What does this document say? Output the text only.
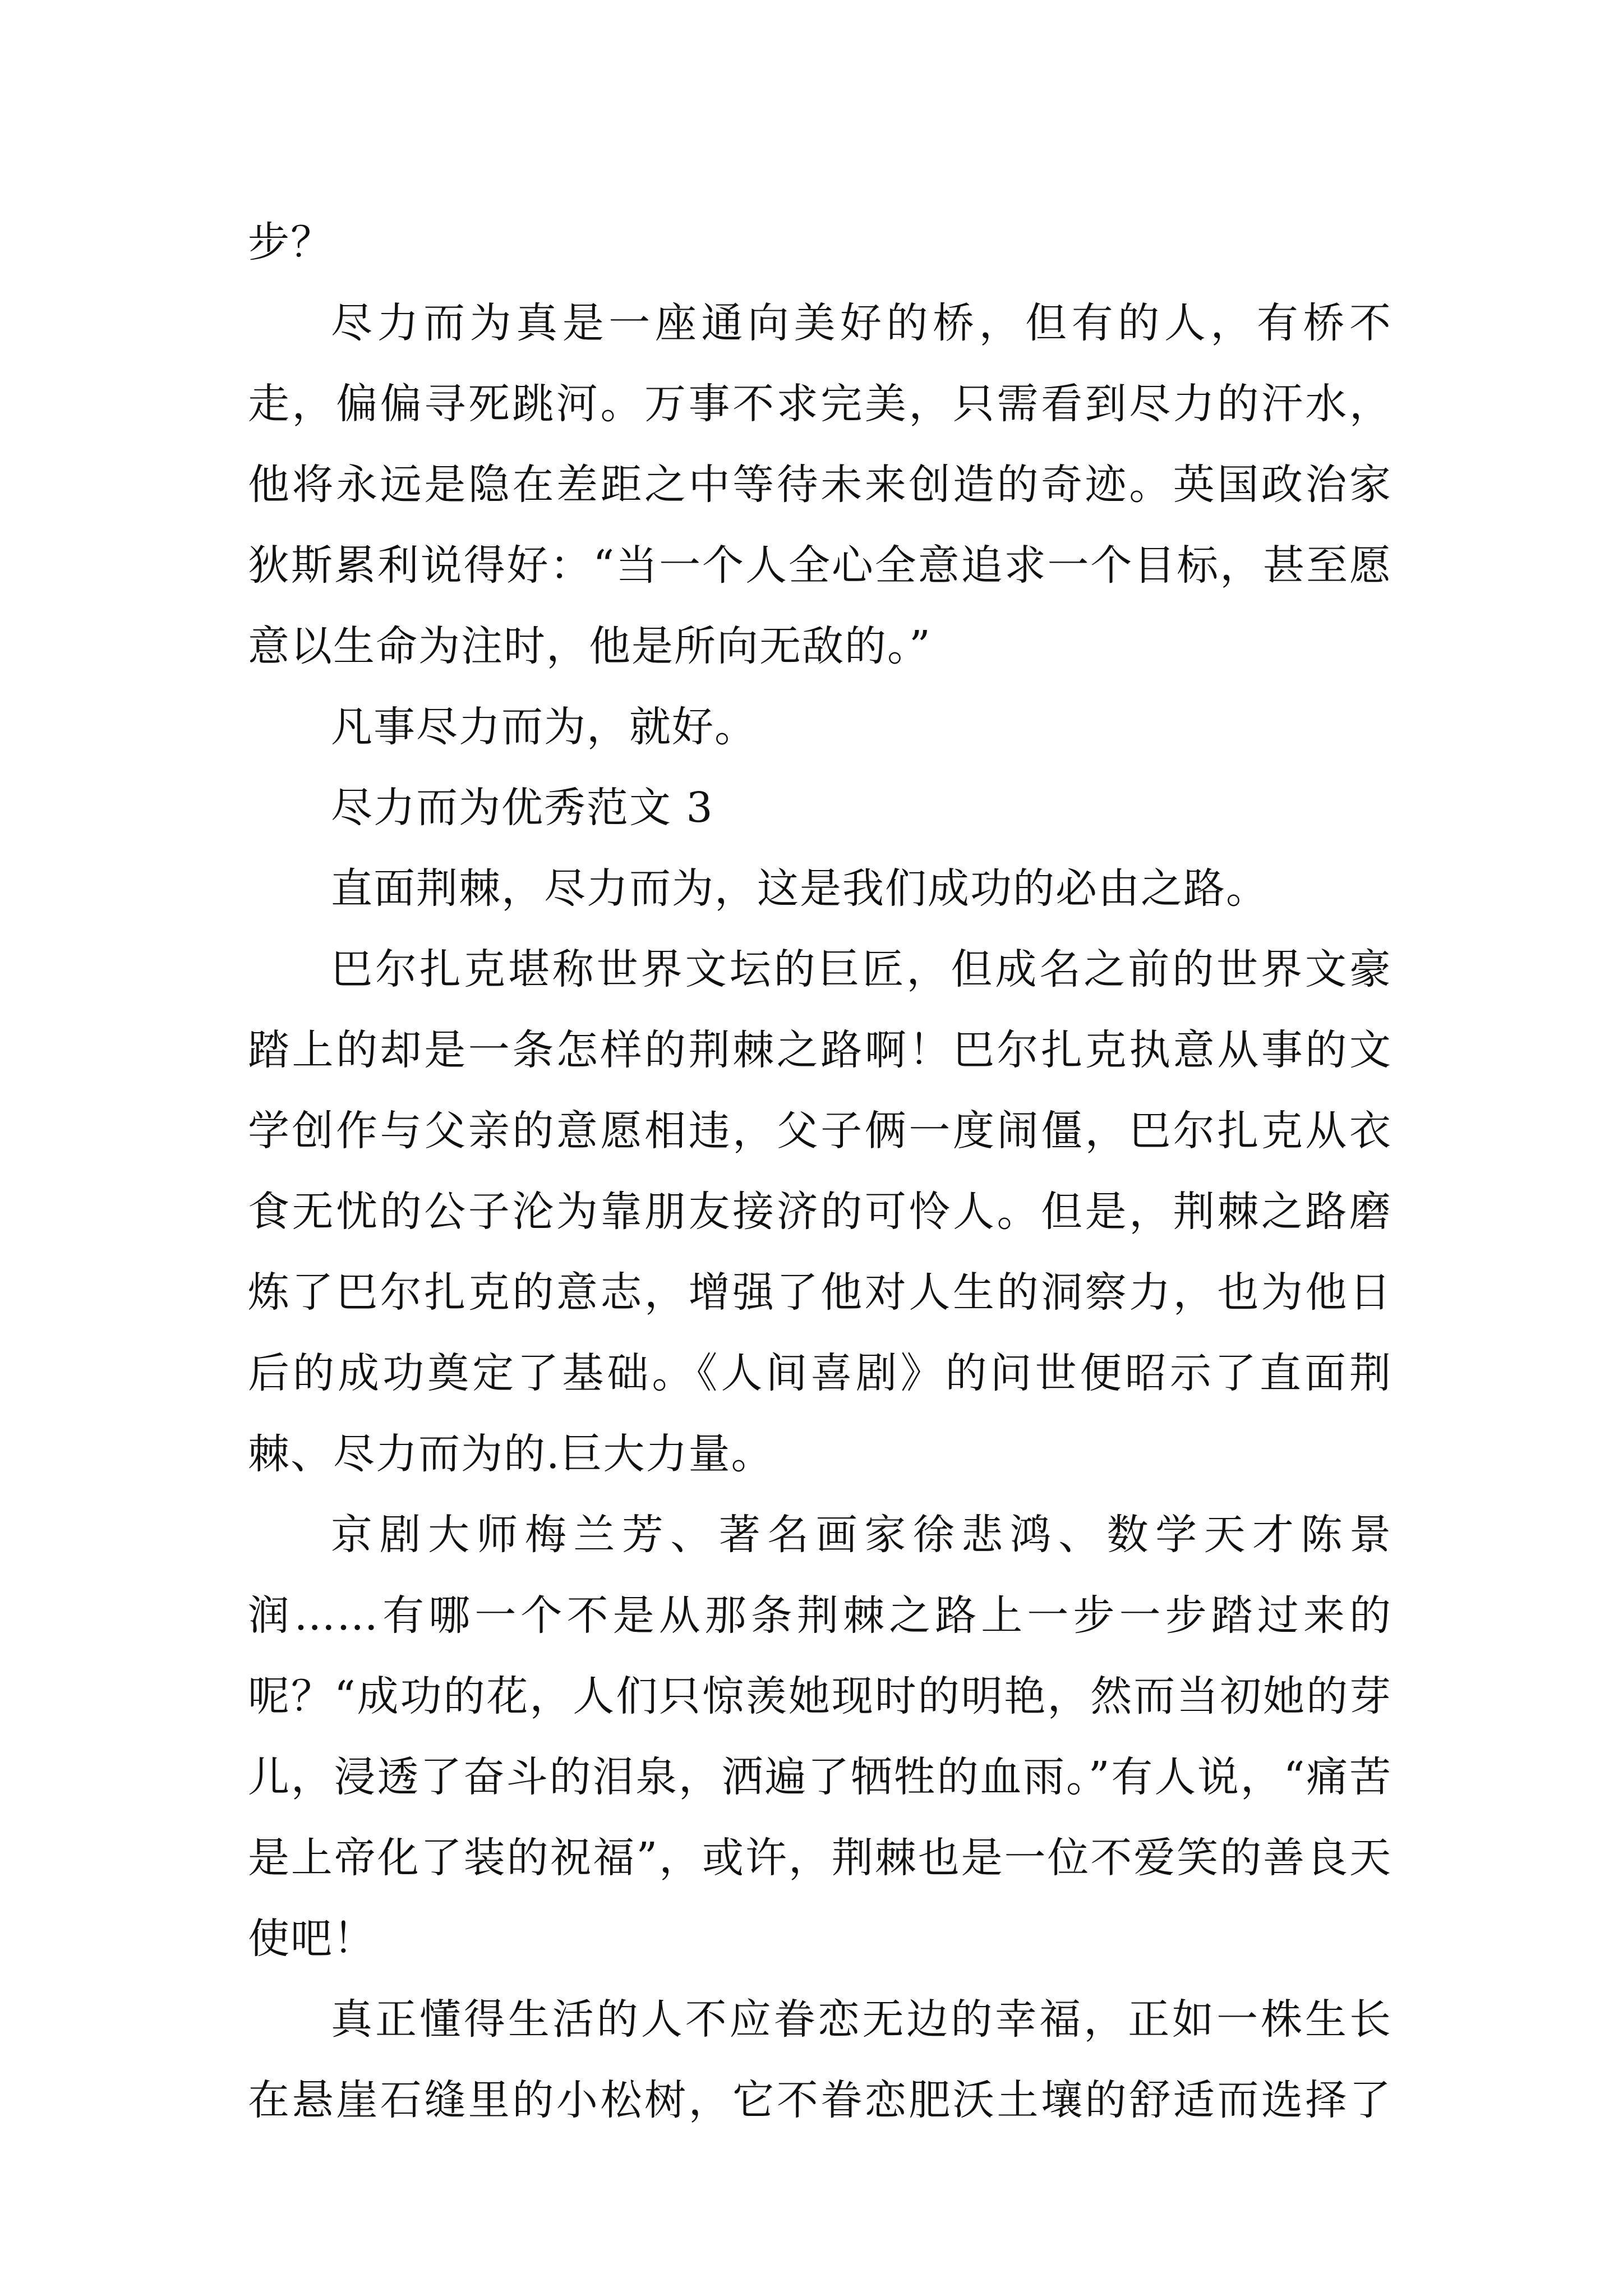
步？

尽力而为真是一座通向美好的桥，但有的人，有桥不走，偏偏寻死跳河。万事不求完美，只需看到尽力的汗水，他将永远是隐在差距之中等待未来创造的奇迹。英国政治家狄斯累利说得好：“当一个人全心全意追求一个目标，甚至愿意以生命为注时，他是所向无敌的。”

凡事尽力而为，就好。

尽力而为优秀范文 3

直面荆棘，尽力而为，这是我们成功的必由之路。

巴尔扎克堪称世界文坛的巨匠，但成名之前的世界文豪踏上的却是一条怎样的荆棘之路啊！巴尔扎克执意从事的文学创作与父亲的意愿相违，父子俩一度闹僵，巴尔扎克从衣食无忧的公子沦为靠朋友接济的可怜人。但是，荆棘之路磨炼了巴尔扎克的意志，增强了他对人生的洞察力，也为他日后的成功奠定了基础。《人间喜剧》的问世便昭示了直面荆棘、尽力而为的.巨大力量。

京剧大师梅兰芳、著名画家徐悲鸿、数学天才陈景润……有哪一个不是从那条荆棘之路上一步一步踏过来的呢？“成功的花，人们只惊羡她现时的明艳，然而当初她的芽儿，浸透了奋斗的泪泉，洒遍了牺牲的血雨。”有人说，“痛苦是上帝化了装的祝福”，或许，荆棘也是一位不爱笑的善良天使吧！

真正懂得生活的人不应眷恋无边的幸福，正如一株生长在悬崖石缝里的小松树，它不眷恋肥沃土壤的舒适而选择了
